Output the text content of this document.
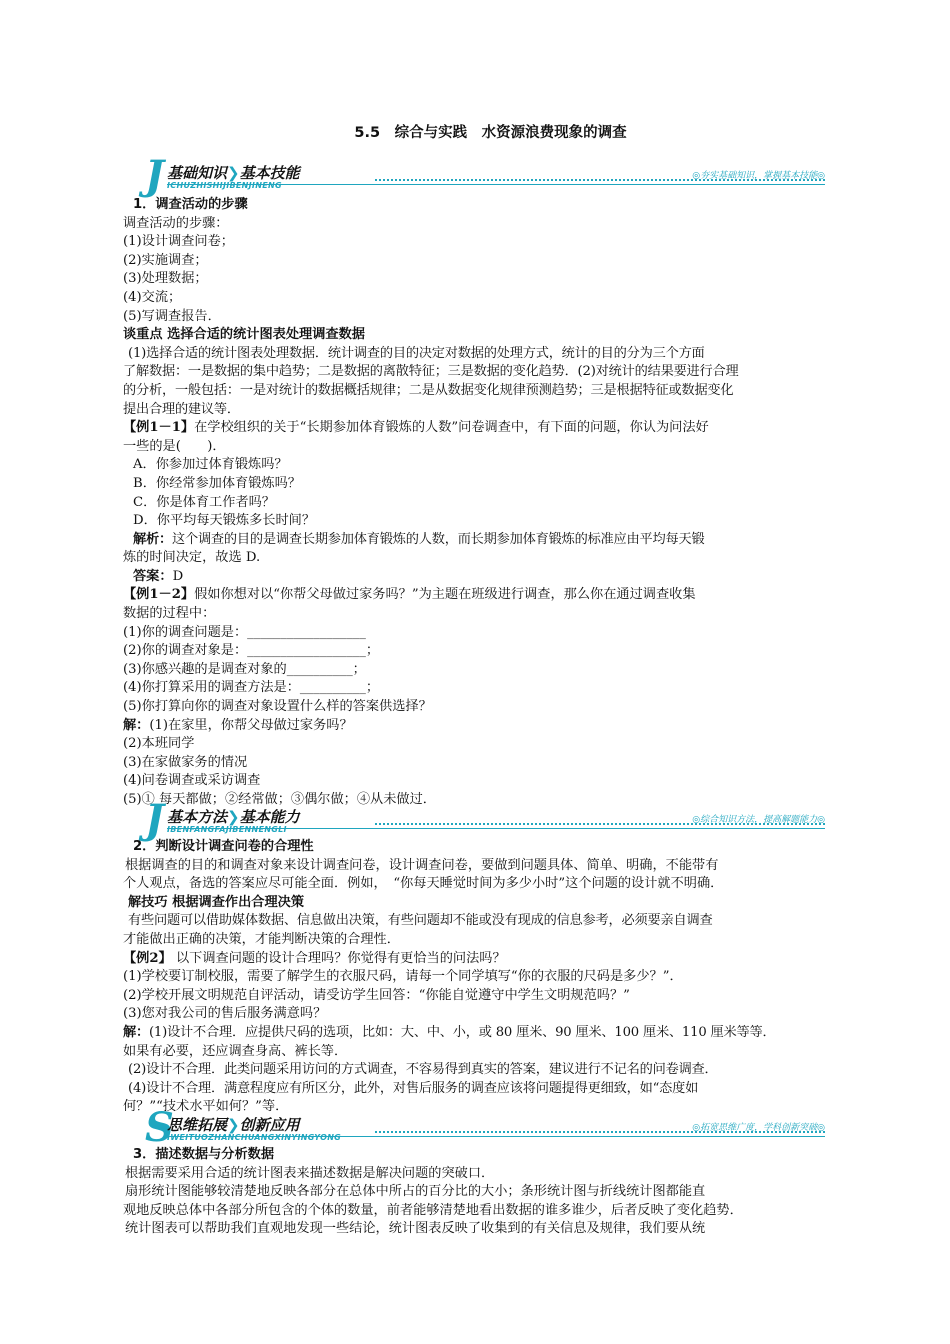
5.5　综合与实践　水资源浪费现象的调查
J 基础知识❯基本技能
ICHUZHISHIJIBENJINENG
◎夯实基础知识，掌握基本技能◎
1．调查活动的步骤
调查活动的步骤：
(1)设计调查问卷；
(2)实施调查；
(3)处理数据；
(4)交流；
(5)写调查报告．
谈重点 选择合适的统计图表处理调查数据
(1)选择合适的统计图表处理数据．统计调查的目的决定对数据的处理方式，统计的目的分为三个方面
了解数据：一是数据的集中趋势；二是数据的离散特征；三是数据的变化趋势．(2)对统计的结果要进行合理
的分析，一般包括：一是对统计的数据概括规律；二是从数据变化规律预测趋势；三是根据特征或数据变化
提出合理的建议等．
【例1－1】在学校组织的关于“长期参加体育锻炼的人数”问卷调查中，有下面的问题，你认为问法好
一些的是(　　)．
A．你参加过体育锻炼吗？
B．你经常参加体育锻炼吗？
C．你是体育工作者吗？
D．你平均每天锻炼多长时间？
解析：这个调查的目的是调查长期参加体育锻炼的人数，而长期参加体育锻炼的标准应由平均每天锻
炼的时间决定，故选 D.
答案：D
【例1－2】假如你想对以“你帮父母做过家务吗？”为主题在班级进行调查，那么你在通过调查收集
数据的过程中：
(1)你的调查问题是：__________________
(2)你的调查对象是：__________________；
(3)你感兴趣的是调查对象的__________；
(4)你打算采用的调查方法是：__________；
(5)你打算向你的调查对象设置什么样的答案供选择？
解：(1)在家里，你帮父母做过家务吗？
(2)本班同学
(3)在家做家务的情况
(4)问卷调查或采访调查
(5)① 每天都做；②经常做；③偶尔做；④从未做过．
J 基本方法❯基本能力
IBENFANGFAJIBENNENGLI
◎综合知识方法，提高解题能力◎
2．判断设计调查问卷的合理性
根据调查的目的和调查对象来设计调查问卷，设计调查问卷，要做到问题具体、简单、明确，不能带有
个人观点，备选的答案应尽可能全面．例如，　“你每天睡觉时间为多少小时”这个问题的设计就不明确．
解技巧 根据调查作出合理决策
有些问题可以借助媒体数据、信息做出决策，有些问题却不能或没有现成的信息参考，必须要亲自调查
才能做出正确的决策，才能判断决策的合理性．
【例2】 以下调查问题的设计合理吗？你觉得有更恰当的问法吗？
(1)学校要订制校服，需要了解学生的衣服尺码，请每一个同学填写“你的衣服的尺码是多少？”．
(2)学校开展文明规范自评活动，请受访学生回答：“你能自觉遵守中学生文明规范吗？”
(3)您对我公司的售后服务满意吗？
解：(1)设计不合理．应提供尺码的选项，比如：大、中、小，或 80 厘米、90 厘米、100 厘米、110 厘米等等．
如果有必要，还应调查身高、裤长等．
(2)设计不合理．此类问题采用访问的方式调查，不容易得到真实的答案，建议进行不记名的问卷调查．
(4)设计不合理．满意程度应有所区分，此外，对售后服务的调查应该将问题提得更细致，如“态度如
何？”“技术水平如何？”等．
S
思维拓展❯创新应用
IWEITUOZHANCHUANGXINYINGYONG
◎拓宽思维广度，学科创新突破◎
3．描述数据与分析数据
根据需要采用合适的统计图表来描述数据是解决问题的突破口．
扇形统计图能够较清楚地反映各部分在总体中所占的百分比的大小；条形统计图与折线统计图都能直
观地反映总体中各部分所包含的个体的数量，前者能够清楚地看出数据的谁多谁少，后者反映了变化趋势．
统计图表可以帮助我们直观地发现一些结论，统计图表反映了收集到的有关信息及规律，我们要从统
